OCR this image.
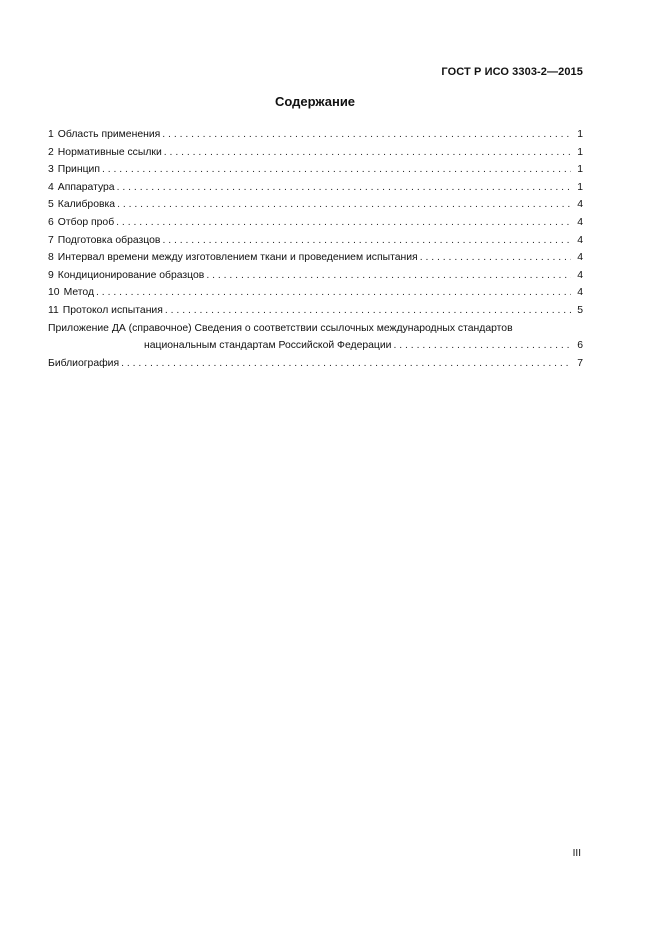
ГОСТ Р ИСО 3303-2—2015
Содержание
1 Область применения . . .	1
2 Нормативные ссылки . . .	1
3 Принцип . . .	1
4 Аппаратура . . .	1
5 Калибровка . . .	4
6 Отбор проб . . .	4
7 Подготовка образцов . . .	4
8 Интервал времени между изготовлением ткани и проведением испытания . . .	4
9 Кондиционирование образцов . . .	4
10 Метод . . .	4
11 Протокол испытания . . .	5
Приложение ДА (справочное) Сведения о соответствии ссылочных международных стандартов
национальным стандартам Российской Федерации . . .	6
Библиография . . .	7
III
